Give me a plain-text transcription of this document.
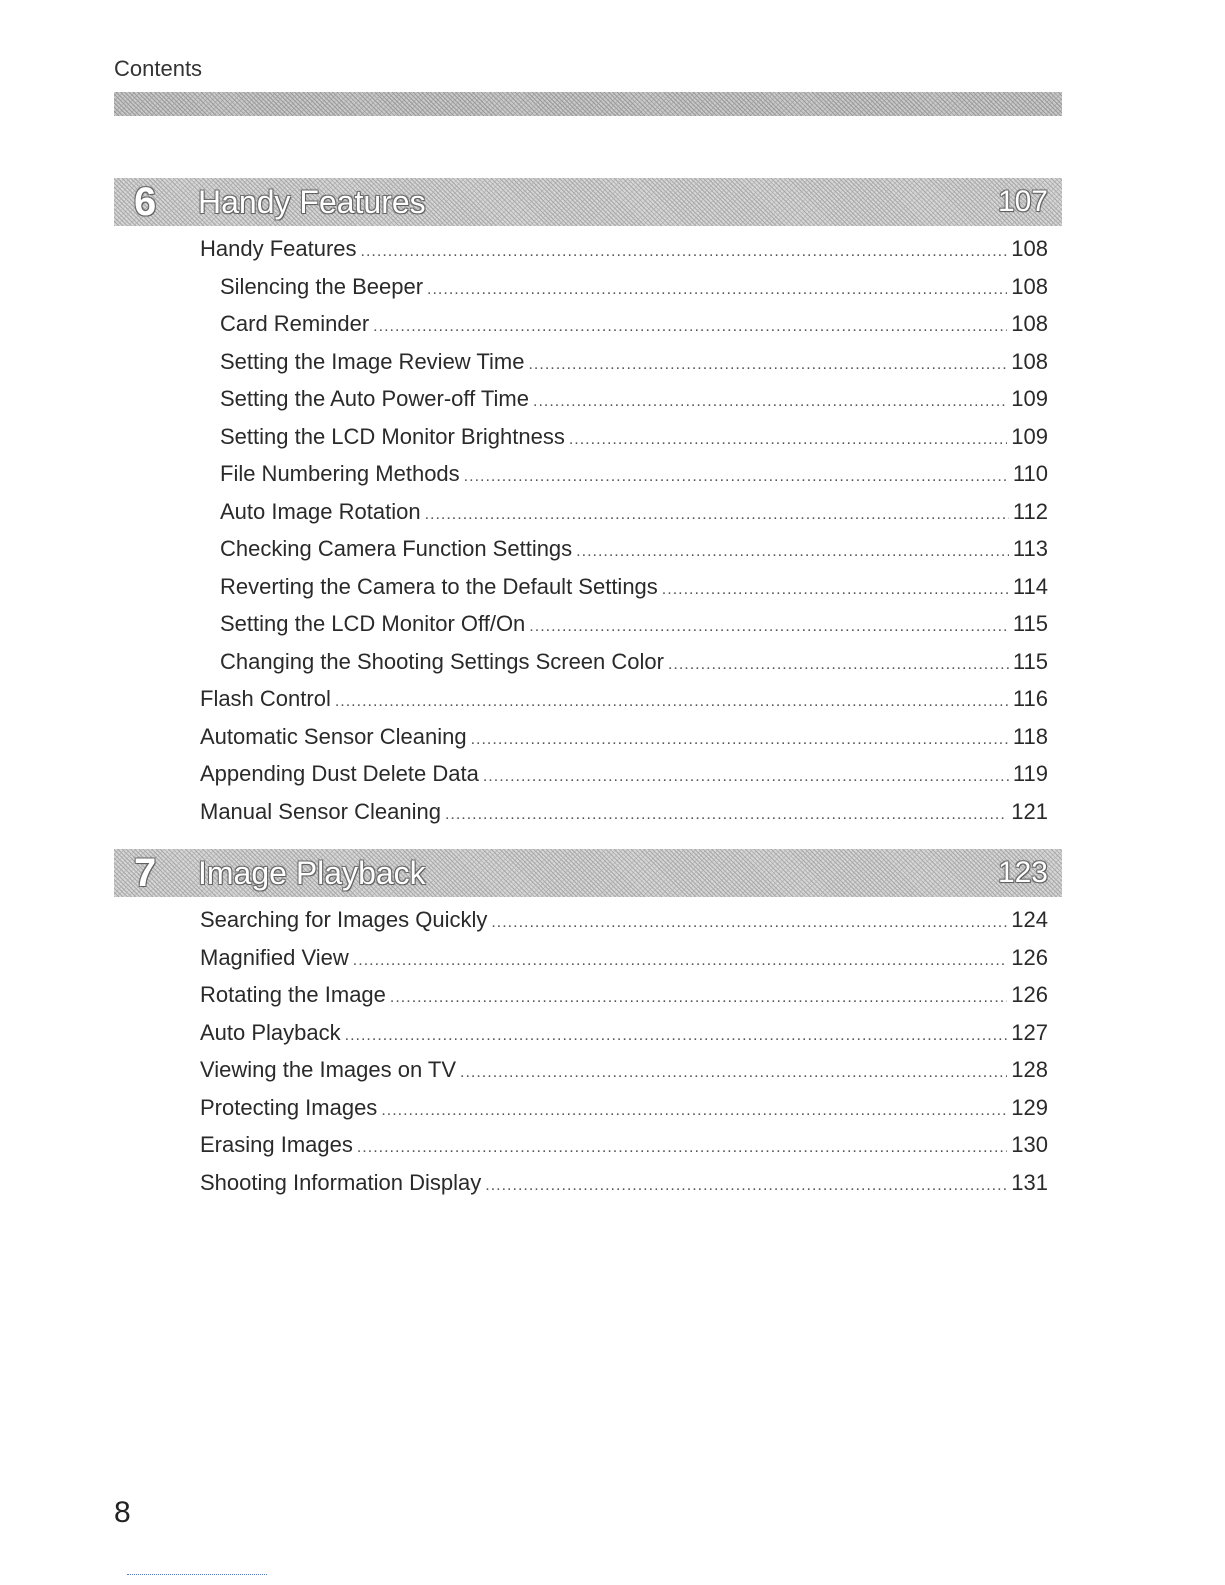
Contents
6 Handy Features	107
Handy Features .....	108
Silencing the Beeper .....	108
Card Reminder .....	108
Setting the Image Review Time .....	108
Setting the Auto Power-off Time .....	109
Setting the LCD Monitor Brightness .....	109
File Numbering Methods .....	110
Auto Image Rotation .....	112
Checking Camera Function Settings .....	113
Reverting the Camera to the Default Settings .....	114
Setting the LCD Monitor Off/On .....	115
Changing the Shooting Settings Screen Color .....	115
Flash Control .....	116
Automatic Sensor Cleaning .....	118
Appending Dust Delete Data .....	119
Manual Sensor Cleaning .....	121
7 Image Playback	123
Searching for Images Quickly .....	124
Magnified View .....	126
Rotating the Image .....	126
Auto Playback .....	127
Viewing the Images on TV .....	128
Protecting Images .....	129
Erasing Images .....	130
Shooting Information Display .....	131
8
